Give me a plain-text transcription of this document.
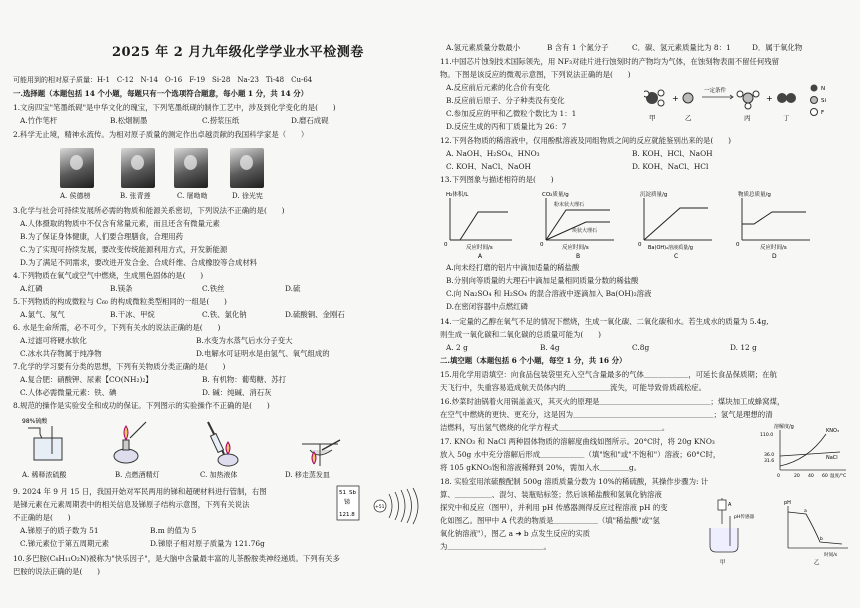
2025 年 2 月九年级化学学业水平检测卷
可能用到的相对原子质量：H-1　C-12　N-14　O-16　F-19　Si-28　Na-23　Ti-48　Cu-64
一.选择题（本题包括 14 个小题，每题只有一个选项符合题意，每小题 1 分，共 14 分）
1.文房四宝"笔墨纸砚"是中华文化的瑰宝，下列笔墨纸砚的制作工艺中，涉及到化学变化的是(　　)
A.竹作笔杆	B.松烟制墨	C.捞浆压纸	D.磨石成砚
2.科学无止境，精神永流传。为相对原子质量的测定作出卓越贡献的我国科学家是（　　）
A. 侯德榜	B. 张青莲	C. 屠呦呦	D. 徐光宪
3.化学与社会可持续发展所必需的物质和能源关系密切，下列说法不正确的是(　　)
A.人体摄取的物质中不仅含有常量元素，而且还含有微量元素
B.为了保证身体健康，人们要合理膳食，合理用药
C.为了实现可持续发展，要改变传统能源利用方式，开发新能源
D.为了满足不同需求，要改进开发合金、合成纤维、合成橡胶等合成材料
4.下列物质在氧气或空气中燃烧，生成黑色固体的是(　　)
A.红磷	B.镁条	C.铁丝	D.硫
5.下列物质的构成微粒与 C₆₀ 的构成微粒类型相同的一组是(　　)
A.氯气、氖气	B.干冰、甲烷	C.铁、氯化钠	D.硫酸铜、金刚石
6. 水是生命所需，必不可少，下列有关水的说法正确的是(　　)
A.过滤可将硬水软化	B.水变为水蒸气后水分子变大
C.冰水共存物属于纯净物	D.电解水可证明水是由氢气、氧气组成的
7.化学的学习要有分类的思想，下列有关物质分类正确的是(　　)
A.复合肥：硝酸钾、尿素【CO(NH₂)₂】	B. 有机物：葡萄糖、苏打
C.人体必需微量元素：铁、碘	D. 碱：纯碱、消石灰
8.规范的操作是实验安全和成功的保证。下列图示的实验操作不正确的是(　　)
98%硫酸
A. 稀释浓硫酸	B. 点燃酒精灯	C. 加热液体	D. 移走蒸发皿
9. 2024 年 9 月 15 日，我国开始对军民两用的锑和超硬材料进行管制，右图
是锑元素在元素周期表中的相关信息及锑原子结构示意图，下列有关说法
不正确的是(　　)
A.锑原子的质子数为 51	B.m 的值为 5
C.锑元素位于第五周期元素	D.锑原子相对原子质量为 121.76g
51 Sb
锑
121.8
+51
10.多巴胺(C₈H₁₁O₂N)被称为"快乐因子"，是大脑中含量最丰富的儿茶酚胺类神经递质。下列有关多
巴胺的说法正确的是(　　)
A.氢元素质量分数最小	B 含有 1 个氮分子	C．碳、氢元素质量比为 8：1	D．属于氧化物
11.中国芯片蚀刻技术国际领先，用 NF₃对硅片进行蚀刻时的产物均为气体，在蚀刻物表面不留任何残留
物。下图是该反应的微观示意图，下列说法正确的是(　　)
A.反应前后元素的化合价有变化
B.反应前后原子、分子种类没有变化
C.参加反应的甲和乙微粒个数比为 1：1
D.反应生成的丙和丁质量比为 26：7
甲
+
乙
一定条件
丙
+
丁
N
Si
F
12.下列各物质的稀溶液中，仅用酚酞溶液及同组物质之间的反应就能鉴别出来的是(　　)
A. NaOH、H₂SO₄、HNO₃	B. KOH、HCl、NaOH
C. KOH、NaCl、NaOH	D. KOH、NaCl、HCl
13.下列图象与描述相符的是(　　)
H₂体积/L
0	反应时间/s
A
CO₂质量/g
粉末状大理石
块状大理石
0	反应时间/s
B
沉淀质量/g
0 Ba(OH)₂溶液质量/g
C
物质总质量/g
0	反应时间/s
D
A.向未经打磨的铝片中滴加适量的稀盐酸
B.分别向等质量的大理石中滴加足量相同质量分数的稀盐酸
C.向 Na₂SO₄ 和 H₂SO₄ 的混合溶液中逐滴加入 Ba(OH)₂溶液
D.在密闭容器中点燃红磷
14.一定量的乙醇在氧气不足的情况下燃烧，生成一氧化碳、二氧化碳和水。若生成水的质量为 5.4g,
则生成一氧化碳和二氧化碳的总质量可能为(　　)
A. 2 g	B. 4g	C.8g	D. 12 g
二.填空题（本题包括 6 个小题，每空 1 分，共 16 分）
15.用化学用语填空：向食品包装袋里充入空气含量最多的气体＿＿＿＿＿＿，可延长食品保质期；在航
天飞行中，失重容易造成航天员体内的＿＿＿＿＿＿流失，可能导致骨质疏松症。
16.炒菜时油锅着火用锅盖盖灭，其灭火的原理是＿＿＿＿＿＿＿＿＿＿＿＿＿＿＿；煤块加工成蜂窝煤，
在空气中燃烧的更快、更充分，这是因为＿＿＿＿＿＿＿＿＿＿＿＿＿＿＿＿＿＿＿；氢气是理想的清
洁燃料，写出氢气燃烧的化学方程式＿＿＿＿＿＿＿＿＿＿＿＿＿＿。
17. KNO₃ 和 NaCl 两种固体物质的溶解度曲线如图所示。20°C时，将 20g KNO₃
放入 50g 水中充分溶解后形成＿＿＿＿＿＿（填"饱和"或"不饱和"）溶液；60°C时，
将 105 gKNO₃饱和溶液稀释到 20%，需加入水＿＿＿＿g。
溶解度/g
110.0
36.0
31.6
KNO₃
NaCl
0	20 40 60 温度/°C
18. 实验室用浓硫酸配制 500g 溶质质量分数为 10%的稀硫酸，其操作步骤为: 计
算、＿＿＿＿＿、混匀、装瓶贴标签；然后该稀盐酸和氢氧化钠溶液
探究中和反应（图甲），并利用 pH 传感器测得反应过程溶液 pH 的变
化如图乙。图甲中 A 代表的物质是＿＿＿＿＿＿（填"稀盐酸"或"氢
氧化钠溶液"），图乙 a ➜ b 点发生反应的实质
为＿＿＿＿＿＿＿＿＿＿＿＿＿。
A
pH传感器
甲
pH
a
b
时间/s
乙
